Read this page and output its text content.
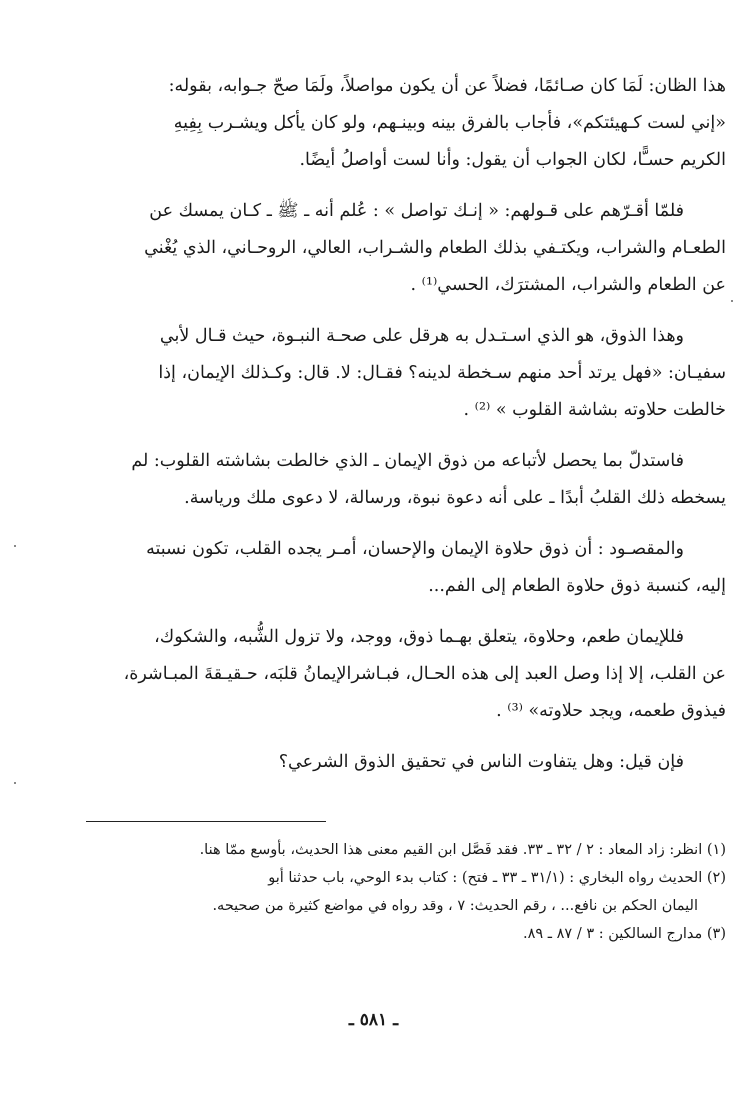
هذا الظان: لَمَا كان صـائمًا، فضلاً عن أن يكون مواصلاً، ولَمَا صحّ جـوابه، بقوله:
«إني لست كـهيئتكم»، فأجاب بالفرق بينه وبينـهم، ولو كان يأكل ويشـرب بِفِيهِ
الكريم حسـًّا، لكان الجواب أن يقول: وأنا لست أواصلُ أيضًا.

فلمّا أقـرّهم على قـولهم: « إنـك تواصل » : عُلم أنه ـ ﷺ ـ كـان يمسك عن
الطعـام والشراب، ويكتـفي بذلك الطعام والشـراب، العالي، الروحـاني، الذي يُغْني
عن الطعام والشراب، المشترَك، الحسي⁽¹⁾ .

وهذا الذوق، هو الذي اسـتـدل به هرقل على صحـة النبـوة، حيث قـال لأبي
سفيـان: «فهل يرتد أحد منهم سـخطة لدينه؟ فقـال: لا. قال: وكـذلك الإيمان، إذا
خالطت حلاوته بشاشة القلوب » ⁽²⁾ .

فاستدلّ بما يحصل لأتباعه من ذوق الإيمان ـ الذي خالطت بشاشته القلوب: لم
يسخطه ذلك القلبُ أبدًا ـ على أنه دعوة نبوة، ورسالة، لا دعوى ملك ورياسة.

والمقصـود : أن ذوق حلاوة الإيمان والإحسان، أمـر يجده القلب، تكون نسبته
إليه، كنسبة ذوق حلاوة الطعام إلى الفم...

فللإيمان طعم، وحلاوة، يتعلق بهـما ذوق، ووجد، ولا تزول الشُّبه، والشكوك،
عن القلب، إلا إذا وصل العبد إلى هذه الحـال، فبـاشرالإيمانُ قلبَه، حـقيـقةَ المبـاشرة،
فيذوق طعمه، ويجد حلاوته» ⁽³⁾ .

فإن قيل: وهل يتفاوت الناس في تحقيق الذوق الشرعي؟

(١) انظر: زاد المعاد : ٢ / ٣٢ ـ ٣٣. فقد فَصَّل ابن القيم معنى هذا الحديث، بأوسع ممّا هنا.
(٢) الحديث رواه البخاري : (٣١/١ ـ ٣٣ ـ فتح) : كتاب بدء الوحي، باب حدثنا أبو
اليمان الحكم بن نافع... ، رقم الحديث: ٧ ، وقد رواه في مواضع كثيرة من صحيحه.
(٣) مدارج السالكين : ٣ / ٨٧ ـ ٨٩.
ـ ٥٨١ ـ
